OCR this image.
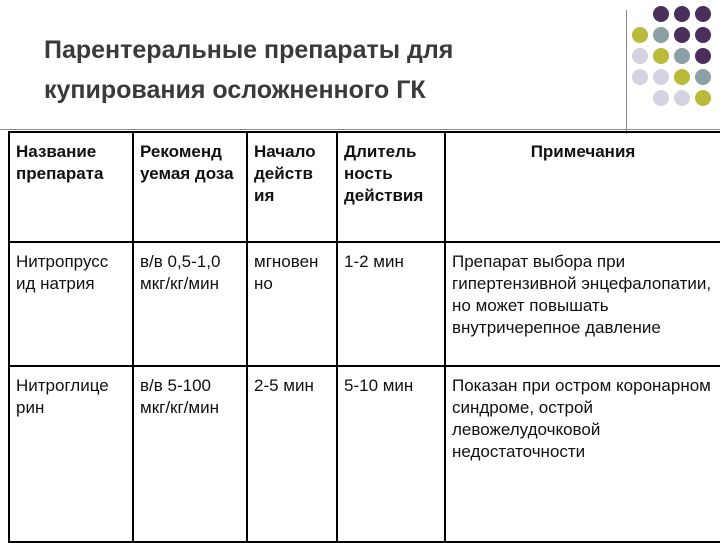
Парентеральные препараты для
купирования осложненного ГК
Название препарата	Рекоменд уемая доза	Начало действ ия	Длитель ность действия	Примечания
Нитропрусс ид натрия	в/в 0,5-1,0 мкг/кг/мин	мгновен но	1-2 мин	Препарат выбора при гипертензивной энцефалопатии, но может повышать внутричерепное давление
Нитроглице рин	в/в 5-100 мкг/кг/мин	2-5 мин	5-10 мин	Показан при остром коронарном синдроме, острой левожелудочковой недостаточности
